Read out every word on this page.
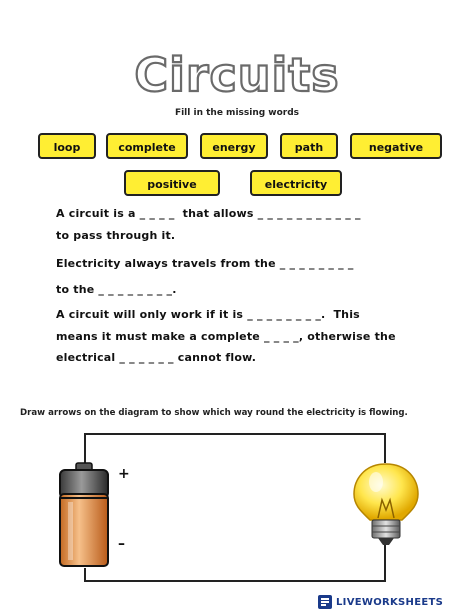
Circuits
Fill in the missing words
loop	complete	energy	path	negative
positive	electricity
A circuit is a _ _ _ _  that allows _ _ _ _ _ _ _ _ _ _ _
to pass through it.
Electricity always travels from the _ _ _ _ _ _ _ _
to the _ _ _ _ _ _ _ _.
A circuit will only work if it is _ _ _ _ _ _ _ _.  This
means it must make a complete _ _ _ _, otherwise the
electrical _ _ _ _ _ _ cannot flow.
Draw arrows on the diagram to show which way round the electricity is flowing.
+
–
LIVEWORKSHEETS
